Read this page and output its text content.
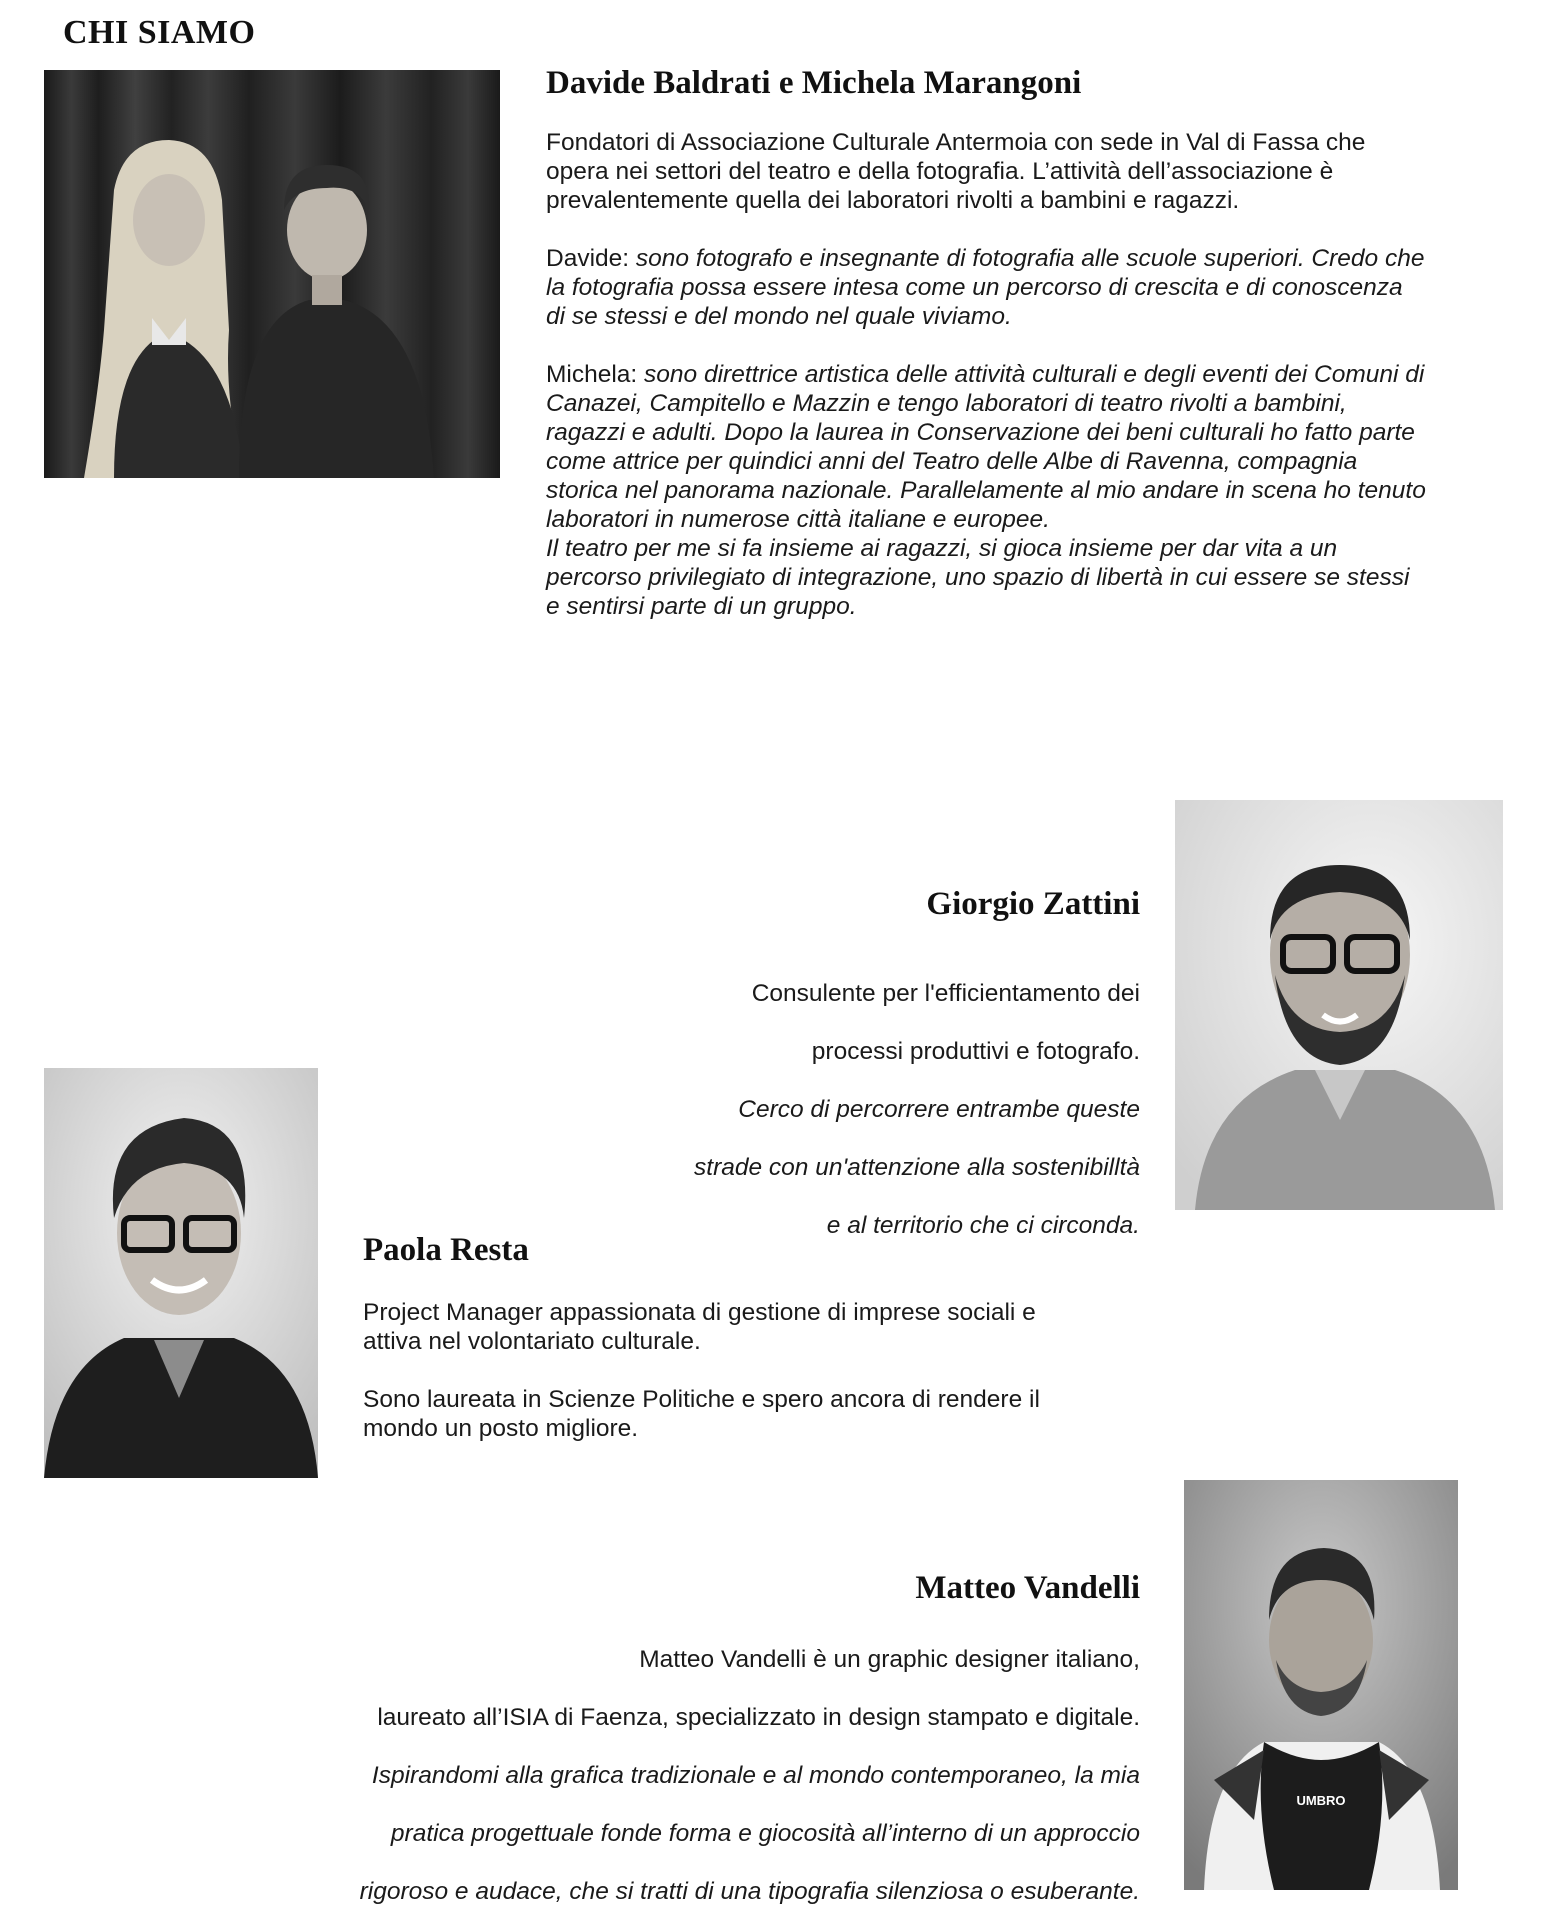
CHI SIAMO
Davide Baldrati e Michela Marangoni

Fondatori di Associazione Culturale Antermoia con sede in Val di Fassa che opera nei settori del teatro e della fotografia. L’attività dell’associazione è prevalentemente quella dei laboratori rivolti a bambini e ragazzi.

Davide: sono fotografo e insegnante di fotografia alle scuole superiori. Credo che la fotografia possa essere intesa come un percorso di crescita e di conoscenza di se stessi e del mondo nel quale viviamo.

Michela: sono direttrice artistica delle attività culturali e degli eventi dei Comuni di Canazei, Campitello e Mazzin e tengo laboratori di teatro rivolti a bambini, ragazzi e adulti. Dopo la laurea in Conservazione dei beni culturali ho fatto parte come attrice per quindici anni del Teatro delle Albe di Ravenna, compagnia storica nel panorama nazionale. Parallelamente al mio andare in scena ho tenuto laboratori in numerose città italiane e europee.
Il teatro per me si fa insieme ai ragazzi, si gioca insieme per dar vita a un percorso privilegiato di integrazione, uno spazio di libertà in cui essere se stessi e sentirsi parte di un gruppo.

Giorgio Zattini
Consulente per l'efficientamento dei
processi produttivi e fotografo.
Cerco di percorrere entrambe queste
strade con un'attenzione alla sostenibilltà
e al territorio che ci circonda.
Paola Resta

Project Manager appassionata di gestione di imprese sociali e attiva nel volontariato culturale.

Sono laureata in Scienze Politiche e spero ancora di rendere il mondo un posto migliore.

UMBRO
Matteo Vandelli
Matteo Vandelli è un graphic designer italiano,
laureato all’ISIA di Faenza, specializzato in design stampato e digitale.
Ispirandomi alla grafica tradizionale e al mondo contemporaneo, la mia
pratica progettuale fonde forma e giocosità all’interno di un approccio
rigoroso e audace, che si tratti di una tipografia silenziosa o esuberante.
